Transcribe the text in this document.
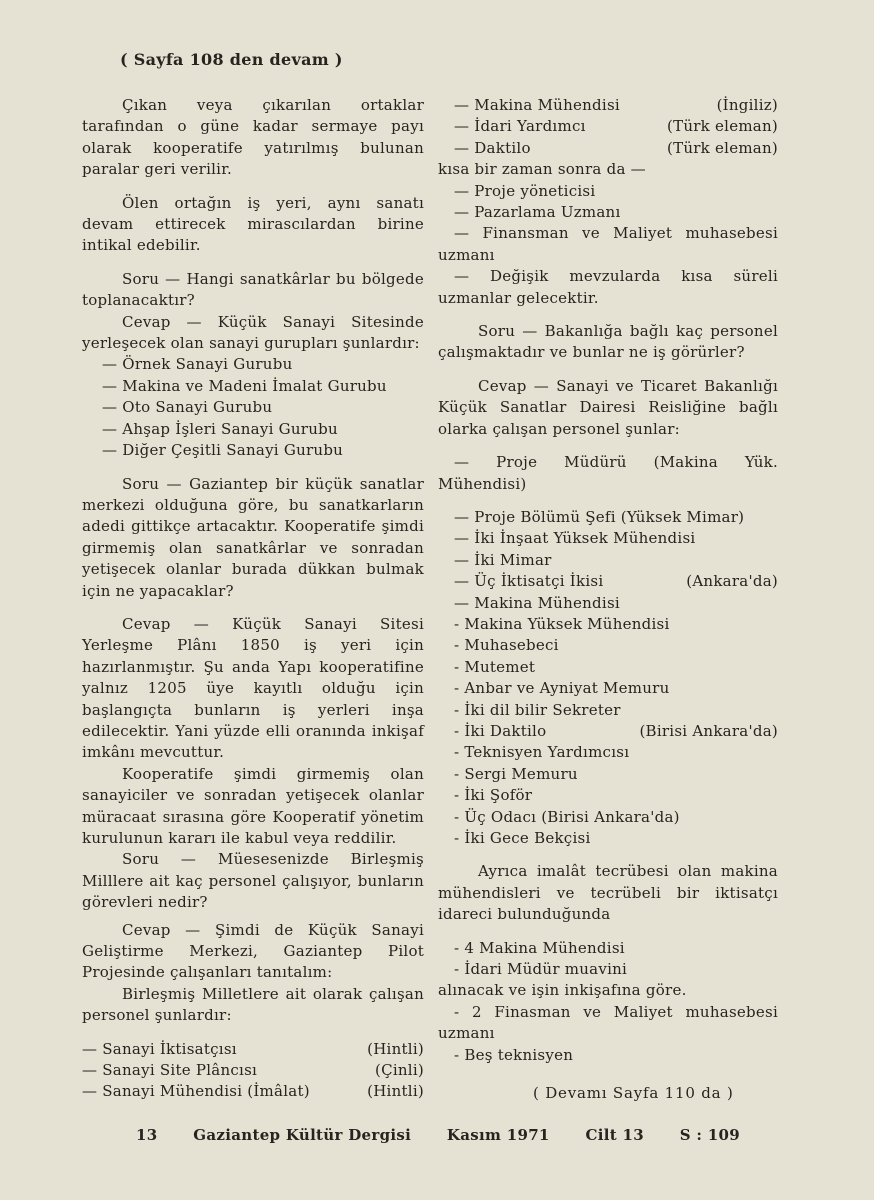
( Sayfa 108 den devam )

Çıkan veya çıkarılan ortaklar tarafından o güne kadar sermaye payı olarak kooperatife yatırılmış bulunan paralar geri verilir.

Ölen ortağın iş yeri, aynı sanatı devam ettirecek mirascılardan birine intikal edebilir.

Soru — Hangi sanatkârlar bu bölgede toplanacaktır?

Cevap — Küçük Sanayi Sitesinde yerleşecek olan sanayi gurupları şunlardır:

— Örnek Sanayi Gurubu

— Makina ve Madeni İmalat Gurubu

— Oto Sanayi Gurubu

— Ahşap İşleri Sanayi Gurubu

— Diğer Çeşitli Sanayi Gurubu

Soru — Gaziantep bir küçük sanatlar merkezi olduğuna göre, bu sanatkarların adedi gittikçe artacaktır. Kooperatife şimdi girmemiş olan sanatkârlar ve sonradan yetişecek olanlar burada dükkan bulmak için ne yapacaklar?

Cevap — Küçük Sanayi Sitesi Yerleşme Plânı 1850 iş yeri için hazırlanmıştır. Şu anda Yapı kooperatifine yalnız 1205 üye kayıtlı olduğu için başlangıçta bunların iş yerleri inşa edilecektir. Yani yüzde elli oranında inkişaf imkânı mevcuttur.

Kooperatife şimdi girmemiş olan sanayiciler ve sonradan yetişecek olanlar müracaat sırasına göre Kooperatif yönetim kurulunun kararı ile kabul veya reddilir.

Soru — Müesesenizde Birleşmiş Milllere ait kaç personel çalışıyor, bunların görevleri nedir?

Cevap — Şimdi de Küçük Sanayi Geliştirme Merkezi, Gaziantep Pilot Projesinde çalışanları tanıtalım:

Birleşmiş Milletlere ait olarak çalışan personel şunlardır:

— Sanayi İktisatçısı	(Hintli)
— Sanayi Site Plâncısı	(Çinli)
— Sanayi Mühendisi (İmâlat)	(Hintli)
— Makina Mühendisi	(İngiliz)
— İdari Yardımcı	(Türk eleman)
— Daktilo	(Türk eleman)

kısa bir zaman sonra da —

— Proje yöneticisi

— Pazarlama Uzmanı

— Finansman ve Maliyet muhasebesi uzmanı

— Değişik mevzularda kısa süreli uzmanlar gelecektir.

Soru — Bakanlığa bağlı kaç personel çalışmaktadır ve bunlar ne iş görürler?

Cevap — Sanayi ve Ticaret Bakanlığı Küçük Sanatlar Dairesi Reisliğine bağlı olarka çalışan personel şunlar:

— Proje Müdürü (Makina Yük. Mühendisi)

— Proje Bölümü Şefi (Yüksek Mimar)
— İki İnşaat Yüksek Mühendisi
— İki Mimar
— Üç İktisatçi İkisi	(Ankara'da)
— Makina Mühendisi
- Makina Yüksek Mühendisi
- Muhasebeci
- Mutemet
- Anbar ve Ayniyat Memuru
- İki dil bilir Sekreter
- İki Daktilo	(Birisi Ankara'da)
- Teknisyen Yardımcısı
- Sergi Memuru
- İki Şoför
- Üç Odacı (Birisi Ankara'da)
- İki Gece Bekçisi

Ayrıca imalât tecrübesi olan makina mühendisleri ve tecrübeli bir iktisatçı idareci bulunduğunda

- 4 Makina Mühendisi

- İdari Müdür muavini

alınacak ve işin inkişafına göre.

- 2 Finasman ve Maliyet muhasebesi uzmanı

- Beş teknisyen

( Devamı Sayfa 110 da )
13 Gaziantep Kültür Dergisi Kasım 1971 Cilt 13 S : 109
